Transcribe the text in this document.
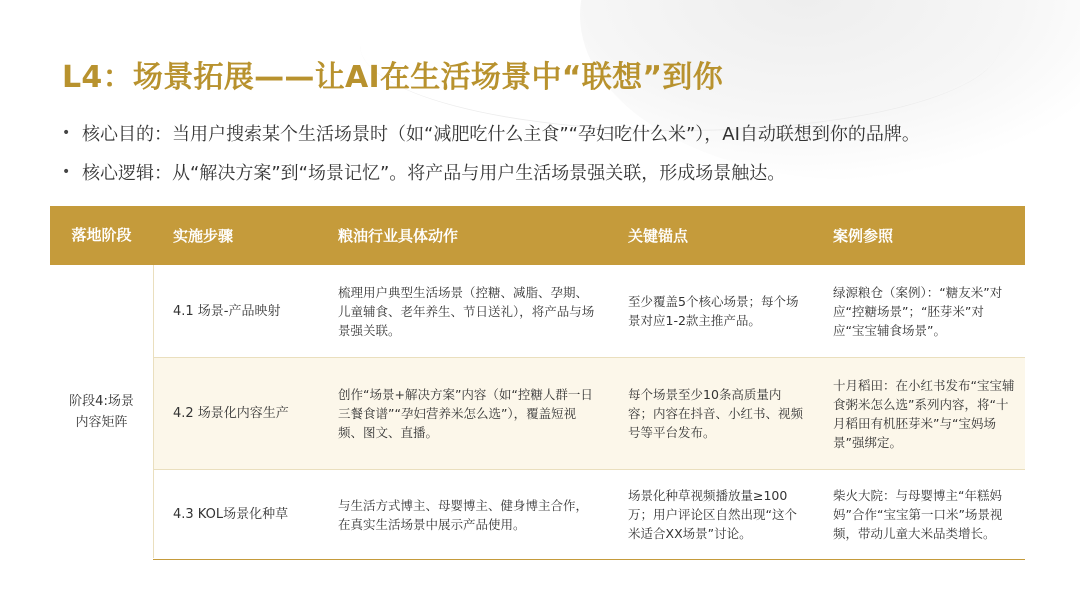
L4：场景拓展——让AI在生活场景中“联想”到你
• 核心目的：当用户搜索某个生活场景时（如“减肥吃什么主食”“孕妇吃什么米”），AI自动联想到你的品牌。
• 核心逻辑：从“解决方案”到“场景记忆”。将产品与用户生活场景强关联，形成场景触达。
落地阶段	实施步骤	粮油行业具体动作	关键锚点	案例参照
阶段4:场景内容矩阵	4.1 场景-产品映射	梳理用户典型生活场景（控糖、减脂、孕期、儿童辅食、老年养生、节日送礼），将产品与场景强关联。	至少覆盖5个核心场景；每个场景对应1-2款主推产品。	绿源粮仓（案例）：“糖友米”对应“控糖场景”；“胚芽米”对应“宝宝辅食场景”。
	4.2 场景化内容生产	创作“场景+解决方案”内容（如“控糖人群一日三餐食谱”“孕妇营养米怎么选”），覆盖短视频、图文、直播。	每个场景至少10条高质量内容；内容在抖音、小红书、视频号等平台发布。	十月稻田：在小红书发布“宝宝辅食粥米怎么选”系列内容，将“十月稻田有机胚芽米”与“宝妈场景”强绑定。
	4.3 KOL场景化种草	与生活方式博主、母婴博主、健身博主合作，在真实生活场景中展示产品使用。	场景化种草视频播放量≥100万；用户评论区自然出现“这个米适合XX场景”讨论。	柴火大院：与母婴博主“年糕妈妈”合作“宝宝第一口米”场景视频，带动儿童大米品类增长。
